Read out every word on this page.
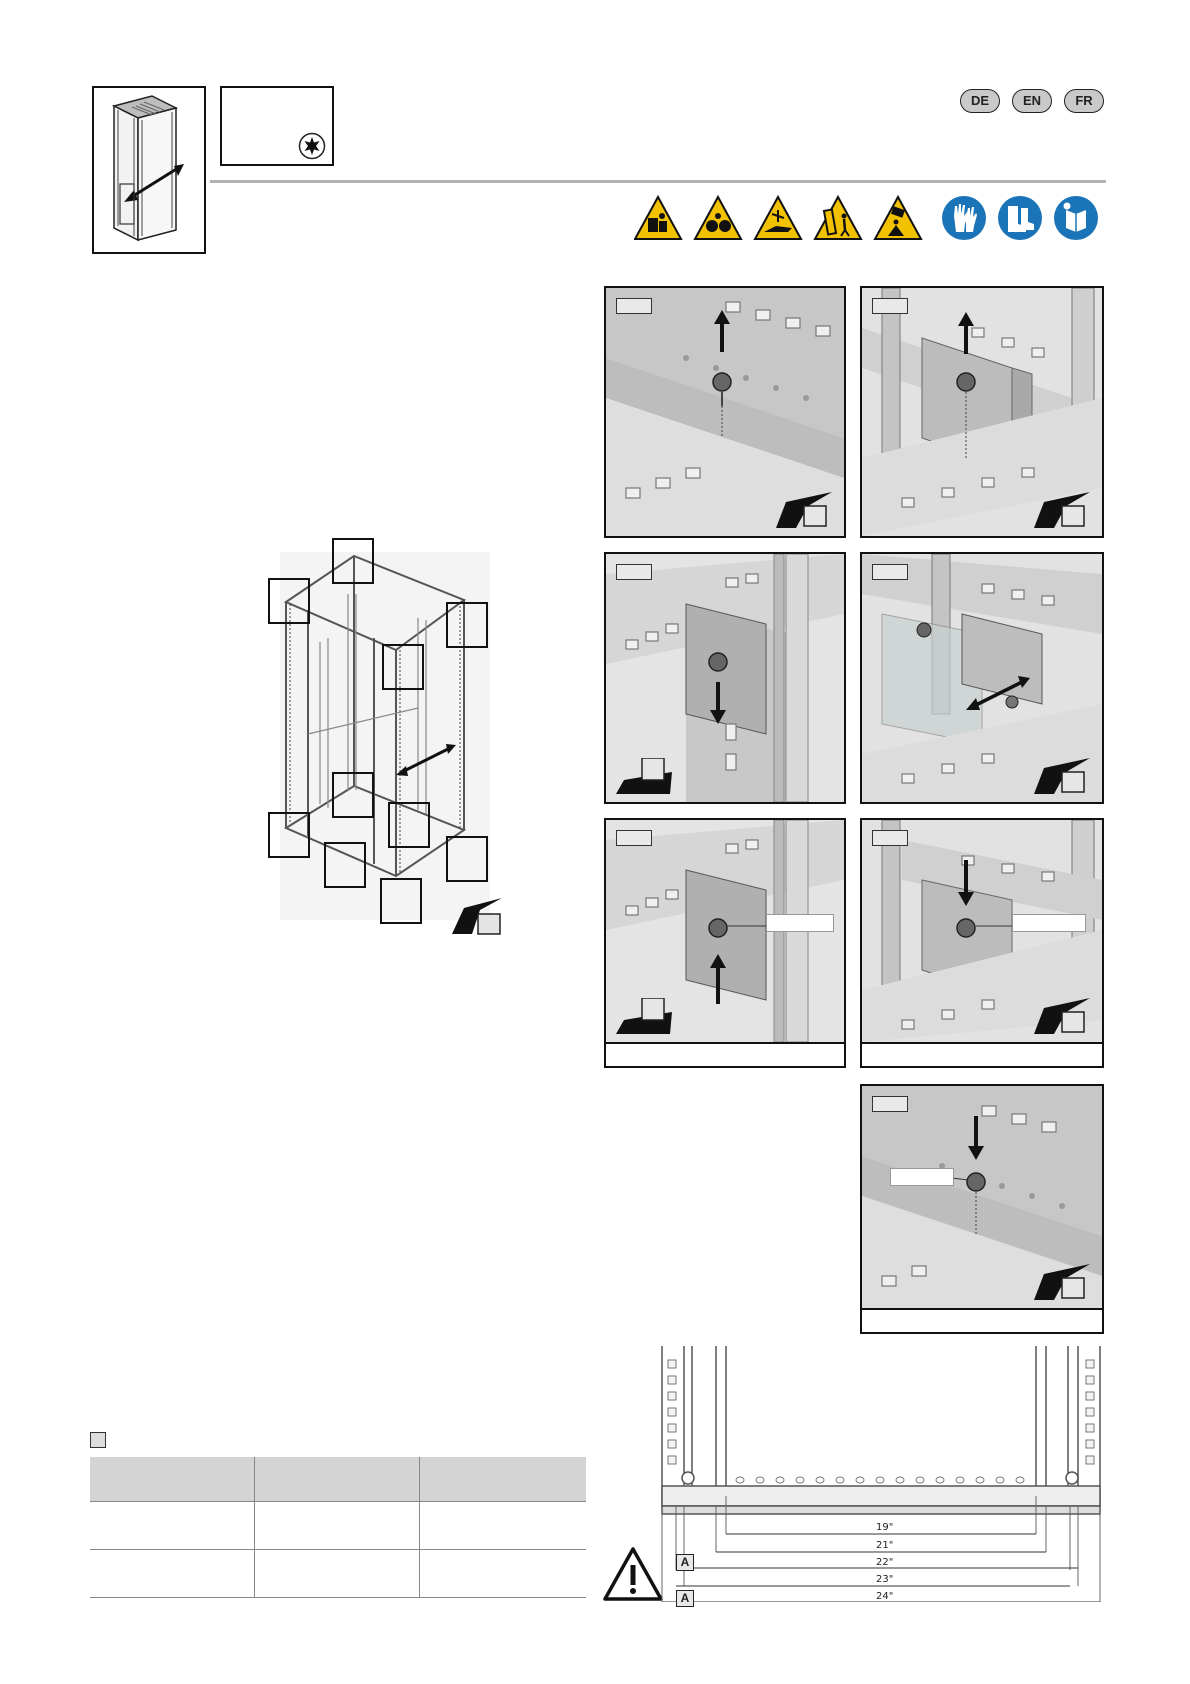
DE	EN	FR

19"
21"
22"
23"
24"
A
A
